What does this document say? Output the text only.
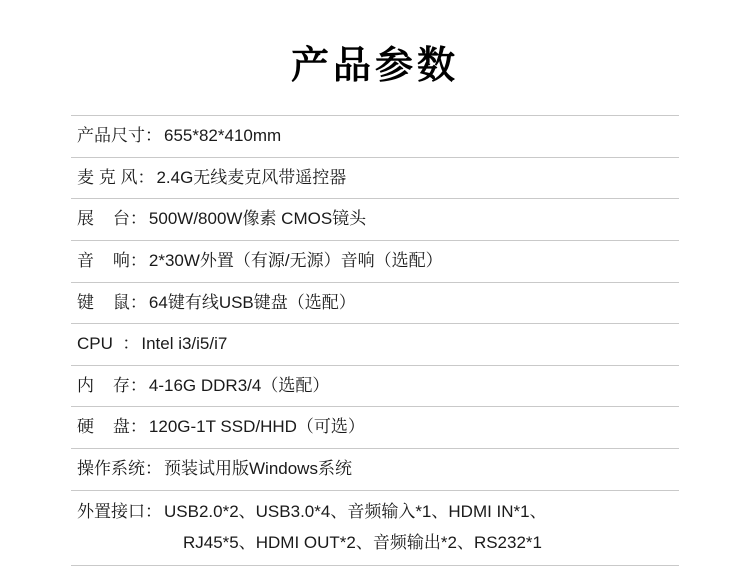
产品参数
产品尺寸 ： 655*82*410mm

麦 克 风 ： 2.4G无线麦克风带遥控器

展    台 ： 500W/800W像素 CMOS镜头

音    响 ： 2*30W外置（有源/无源）音响（选配）

键    鼠 ： 64键有线USB键盘（选配）

CPU ： Intel i3/i5/i7

内    存 ： 4-16G DDR3/4（选配）

硬    盘 ： 120G-1T SSD/HHD（可选）

操作系统 ： 预装试用版Windows系统

外置接口 ： USB2.0*2、USB3.0*4、音频输入*1、HDMI IN*1、
RJ45*5、HDMI OUT*2、音频输出*2、RS232*1
